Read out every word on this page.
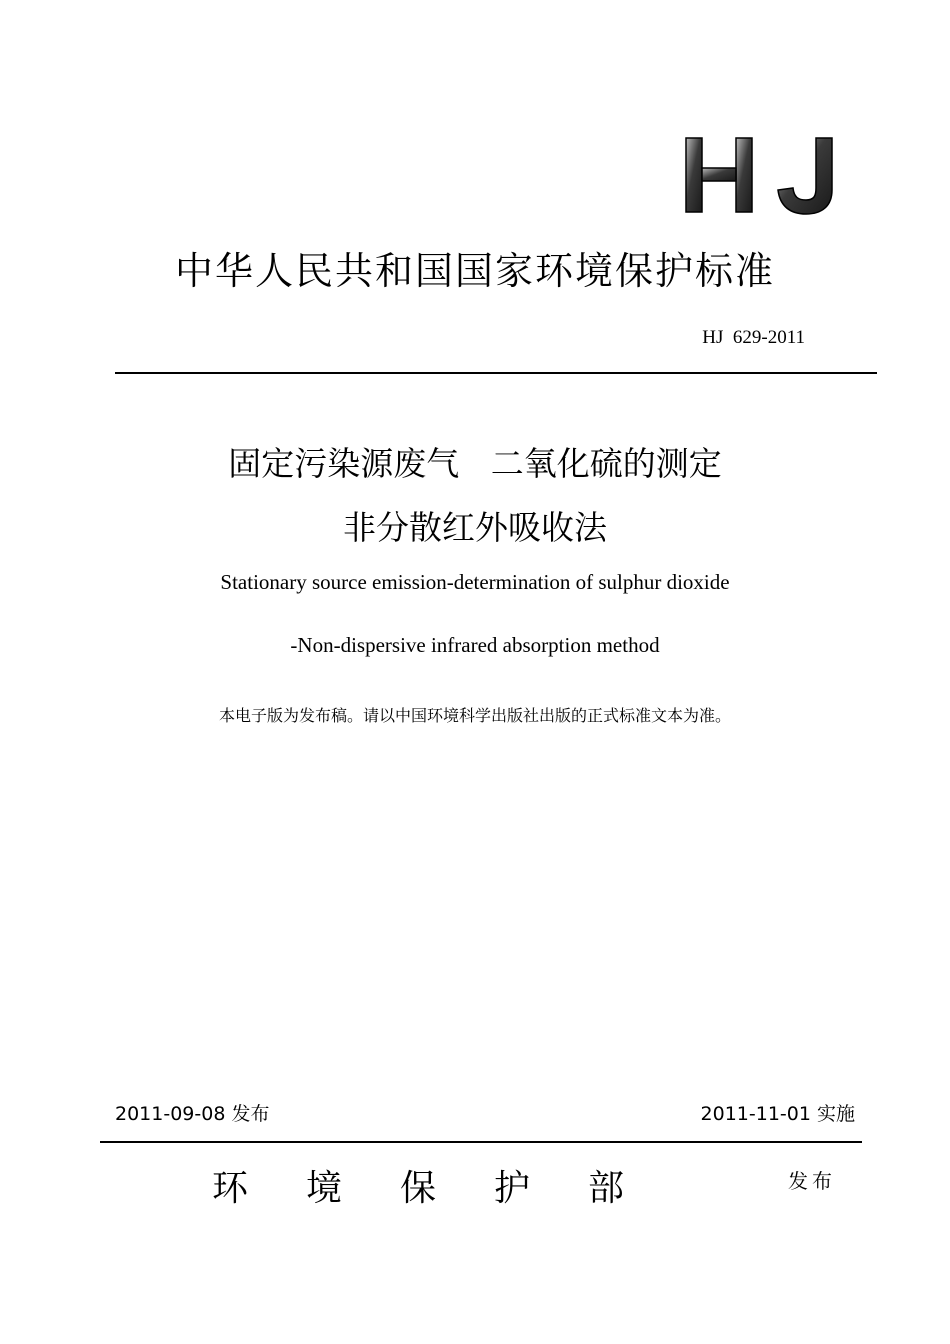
HJ
中华人民共和国国家环境保护标准
HJ  629-2011
固定污染源废气   二氧化硫的测定
非分散红外吸收法
Stationary source emission-determination of sulphur dioxide
-Non-dispersive infrared absorption method
本电子版为发布稿。请以中国环境科学出版社出版的正式标准文本为准。
2011-09-08 发布	2011-11-01 实施
环境保护部	发布
